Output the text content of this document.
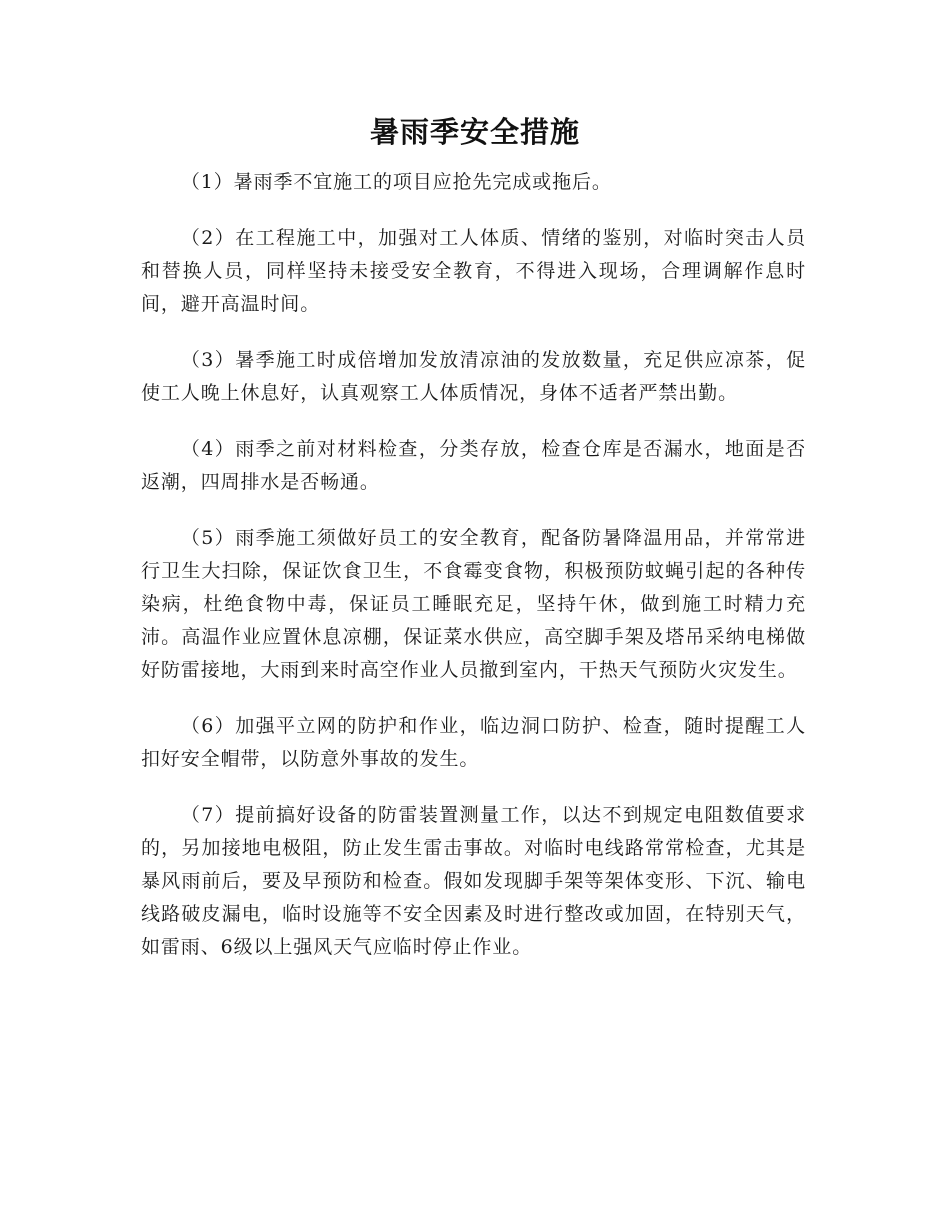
暑雨季安全措施

（1）暑雨季不宜施工的项目应抢先完成或拖后。

（2）在工程施工中，加强对工人体质、情绪的鉴别，对临时突击人员和替换人员，同样坚持未接受安全教育，不得进入现场，合理调解作息时间，避开高温时间。

（3）暑季施工时成倍增加发放清凉油的发放数量，充足供应凉茶，促使工人晚上休息好，认真观察工人体质情况，身体不适者严禁出勤。

（4）雨季之前对材料检查，分类存放，检查仓库是否漏水，地面是否返潮，四周排水是否畅通。

（5）雨季施工须做好员工的安全教育，配备防暑降温用品，并常常进行卫生大扫除，保证饮食卫生，不食霉变食物，积极预防蚊蝇引起的各种传染病，杜绝食物中毒，保证员工睡眠充足，坚持午休，做到施工时精力充沛。高温作业应置休息凉棚，保证菜水供应，高空脚手架及塔吊采纳电梯做好防雷接地，大雨到来时高空作业人员撤到室内，干热天气预防火灾发生。

（6）加强平立网的防护和作业，临边洞口防护、检查，随时提醒工人扣好安全帽带，以防意外事故的发生。

（7）提前搞好设备的防雷装置测量工作，以达不到规定电阻数值要求的，另加接地电极阻，防止发生雷击事故。对临时电线路常常检查，尤其是暴风雨前后，要及早预防和检查。假如发现脚手架等架体变形、下沉、输电线路破皮漏电，临时设施等不安全因素及时进行整改或加固，在特别天气，如雷雨、6级以上强风天气应临时停止作业。
